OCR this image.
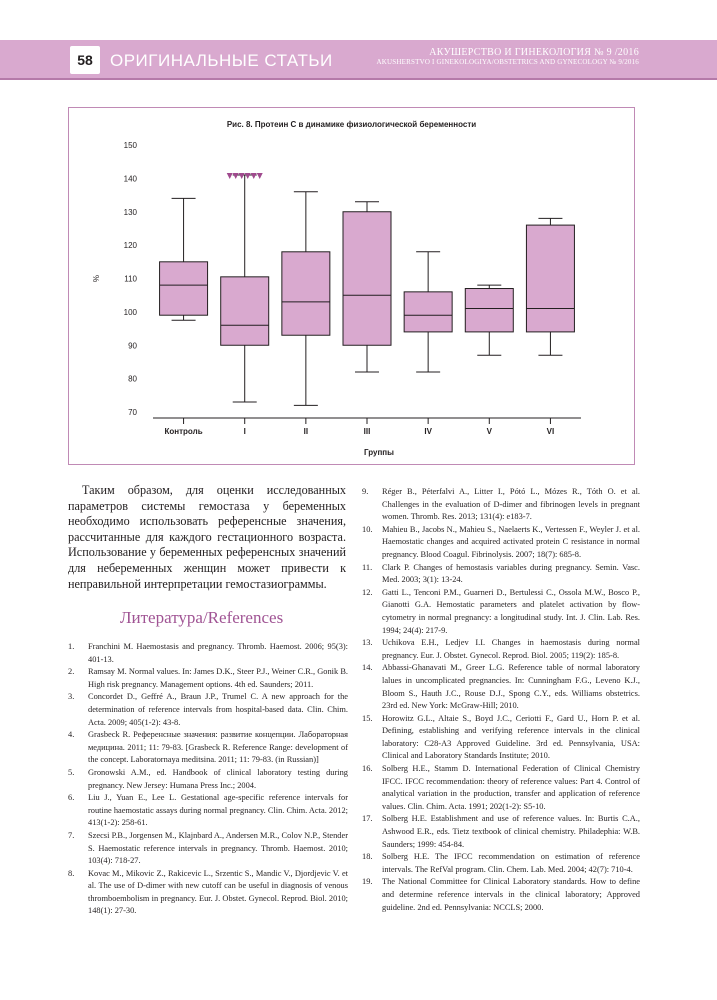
58	ОРИГИНАЛЬНЫЕ СТАТЬИ	АКУШЕРСТВО И ГИНЕКОЛОГИЯ № 9 /2016
AKUSHERSTVO I GINEKOLOGIYA/OBSTETRICS AND GYNECOLOGY № 9/2016
Рис. 8. Протеин С в динамике физиологической беременности
70
80
90
100
110
120
130
140
150
%
Контроль	I	II	III	IV	V	VI
Группы

Таким образом, для оценки исследованных параметров системы гемостаза у беременных необходимо использовать референсные значения, рассчитанные для каждого гестационного возраста. Использование у беременных референсных значений для небеременных женщин может привести к неправильной интерпретации гемостазиограммы.

Литература/References
1.	Franchini M. Haemostasis and pregnancy. Thromb. Haemost. 2006; 95(3): 401-13.
2.	Ramsay M. Normal values. In: James D.K., Steer P.J., Weiner C.R., Gonik B. High risk pregnancy. Management options. 4th ed. Saunders; 2011.
3.	Concordet D., Geffré A., Braun J.P., Trumel C. A new approach for the determination of reference intervals from hospital-based data. Clin. Chim. Acta. 2009; 405(1-2): 43-8.
4.	Grasbeck R. Референсные значения: развитие концепции. Лабораторная медицина. 2011; 11: 79-83. [Grasbeck R. Reference Range: development of the concept. Laboratornaya meditsina. 2011; 11: 79-83. (in Russian)]
5.	Gronowski A.M., ed. Handbook of clinical laboratory testing during pregnancy. New Jersey: Humana Press Inc.; 2004.
6.	Liu J., Yuan E., Lee L. Gestational age-specific reference intervals for routine haemostatic assays during normal pregnancy. Clin. Chim. Acta. 2012; 413(1-2): 258-61.
7.	Szecsi P.B., Jorgensen M., Klajnbard A., Andersen M.R., Colov N.P., Stender S. Haemostatic reference intervals in pregnancy. Thromb. Haemost. 2010; 103(4): 718-27.
8.	Kovac M., Mikovic Z., Rakicevic L., Srzentic S., Mandic V., Djordjevic V. et al. The use of D-dimer with new cutoff can be useful in diagnosis of venous thromboembolism in pregnancy. Eur. J. Obstet. Gynecol. Reprod. Biol. 2010; 148(1): 27-30.
9.	Réger B., Péterfalvi A., Litter I., Pótó L., Mózes R., Tóth O. et al. Challenges in the evaluation of D-dimer and fibrinogen levels in pregnant women. Thromb. Res. 2013; 131(4): e183-7.
10.	Mahieu B., Jacobs N., Mahieu S., Naelaerts K., Vertessen F., Weyler J. et al. Haemostatic changes and acquired activated protein C resistance in normal pregnancy. Blood Coagul. Fibrinolysis. 2007; 18(7): 685-8.
11.	Clark P. Changes of hemostasis variables during pregnancy. Semin. Vasc. Med. 2003; 3(1): 13-24.
12.	Gatti L., Tenconi P.M., Guarneri D., Bertulessi C., Ossola M.W., Bosco P., Gianotti G.A. Hemostatic parameters and platelet activation by flow-cytometry in normal pregnancy: a longitudinal study. Int. J. Clin. Lab. Res. 1994; 24(4): 217-9.
13.	Uchikova E.H., Ledjev I.I. Changes in haemostasis during normal pregnancy. Eur. J. Obstet. Gynecol. Reprod. Biol. 2005; 119(2): 185-8.
14.	Abbassi-Ghanavati M., Greer L.G. Reference table of normal laboratory lalues in uncomplicated pregnancies. In: Cunningham F.G., Leveno K.J., Bloom S., Hauth J.C., Rouse D.J., Spong C.Y., eds. Williams obstetrics. 23rd ed. New York: McGraw-Hill; 2010.
15.	Horowitz G.L., Altaie S., Boyd J.C., Ceriotti F., Gard U., Horn P. et al. Defining, establishing and verifying reference intervals in the clinical laboratory: C28-A3 Approved Guideline. 3rd ed. Pennsylvania, USA: Clinical and Laboratory Standards Institute; 2010.
16.	Solberg H.E., Stamm D. International Federation of Clinical Chemistry IFCC. IFCC recommendation: theory of reference values: Part 4. Control of analytical variation in the production, transfer and application of reference values. Clin. Chim. Acta. 1991; 202(1-2): S5-10.
17.	Solberg H.E. Establishment and use of reference values. In: Burtis C.A., Ashwood E.R., eds. Tietz textbook of clinical chemistry. Philadephia: W.B. Saunders; 1999: 454-84.
18.	Solberg H.E. The IFCC recommendation on estimation of reference intervals. The RefVal program. Clin. Chem. Lab. Med. 2004; 42(7): 710-4.
19.	The National Committee for Clinical Laboratory standards. How to define and determine reference intervals in the clinical laboratory; Approved guideline. 2nd ed. Pennsylvania: NCCLS; 2000.
